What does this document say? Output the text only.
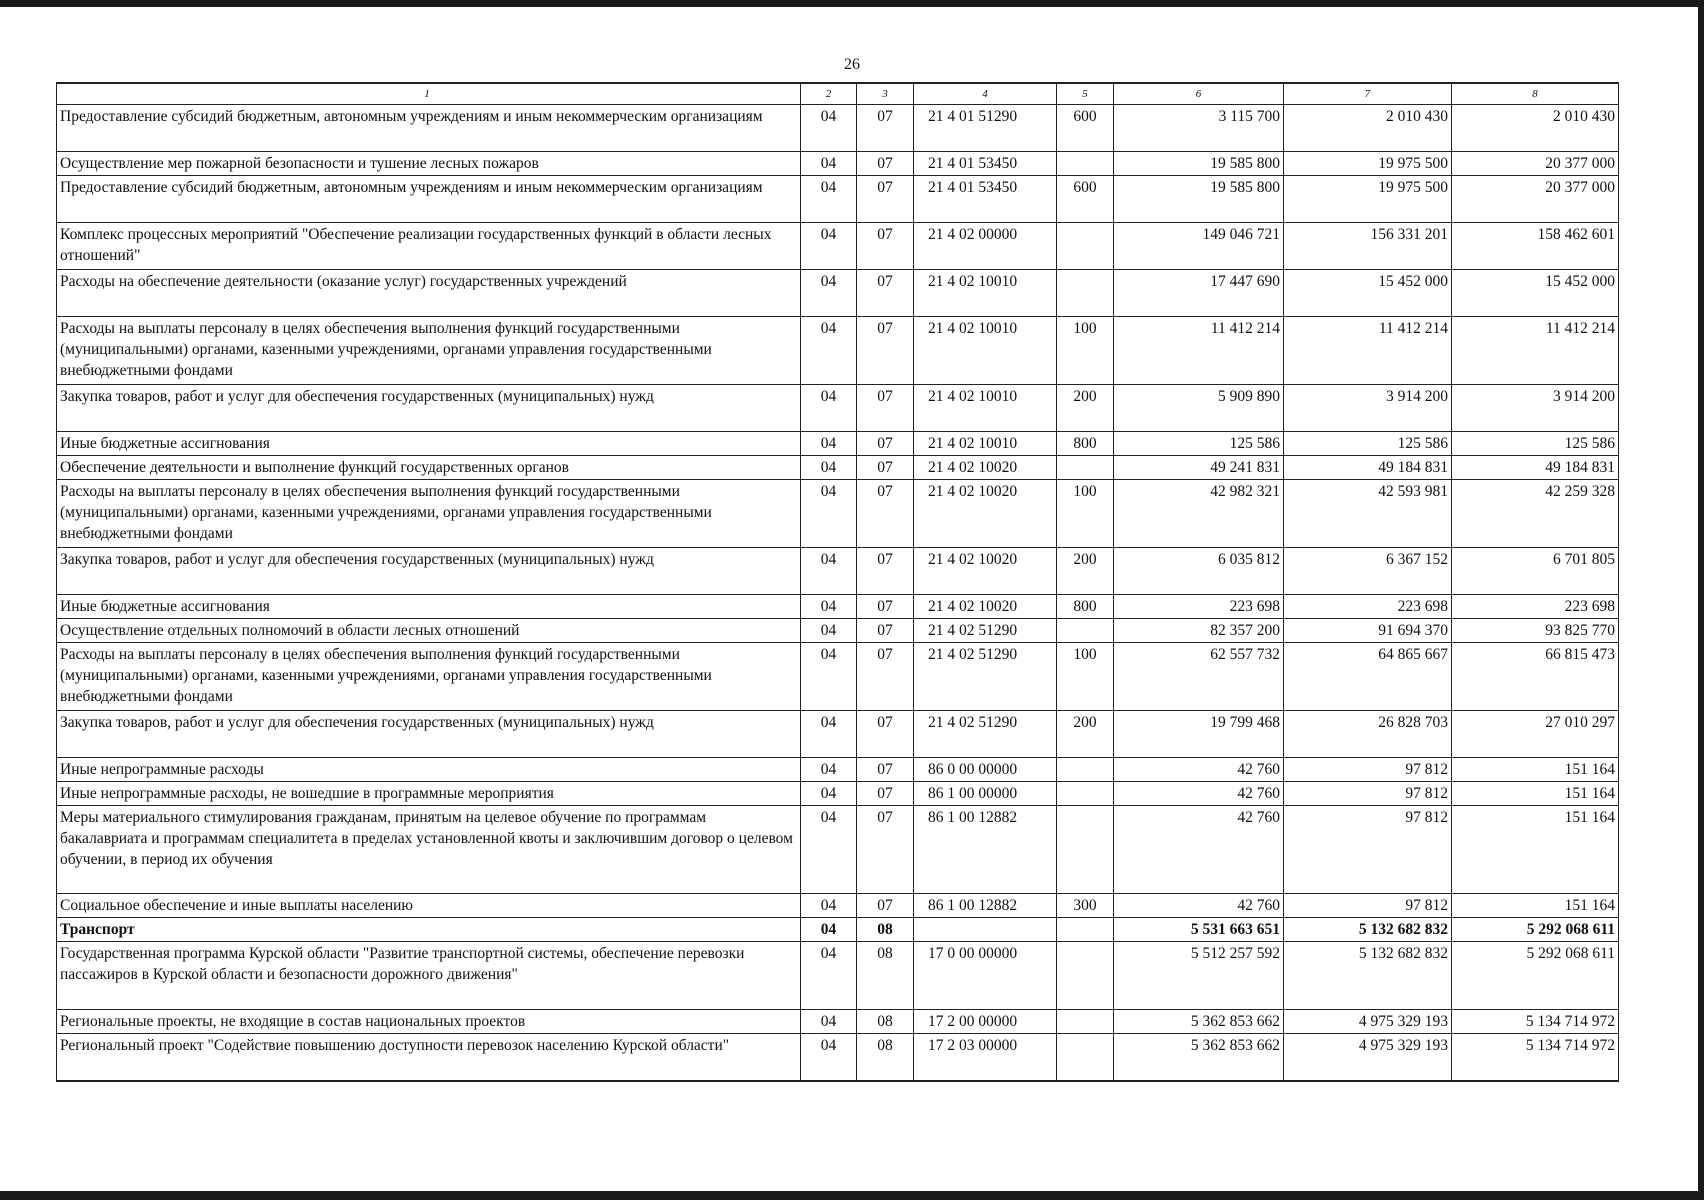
26
1	2	3	4	5	6	7	8
Предоставление субсидий бюджетным, автономным учреждениям и иным некоммерческим организациям	04	07	21 4 01 51290	600	3 115 700	2 010 430	2 010 430
Осуществление мер пожарной безопасности и тушение лесных пожаров	04	07	21 4 01 53450		19 585 800	19 975 500	20 377 000
Предоставление субсидий бюджетным, автономным учреждениям и иным некоммерческим организациям	04	07	21 4 01 53450	600	19 585 800	19 975 500	20 377 000
Комплекс процессных мероприятий "Обеспечение реализации государственных функций в области лесных отношений"	04	07	21 4 02 00000		149 046 721	156 331 201	158 462 601
Расходы на обеспечение деятельности (оказание услуг) государственных учреждений	04	07	21 4 02 10010		17 447 690	15 452 000	15 452 000
Расходы на выплаты персоналу в целях обеспечения выполнения функций государственными (муниципальными) органами, казенными учреждениями, органами управления государственными внебюджетными фондами	04	07	21 4 02 10010	100	11 412 214	11 412 214	11 412 214
Закупка товаров, работ и услуг для обеспечения государственных (муниципальных) нужд	04	07	21 4 02 10010	200	5 909 890	3 914 200	3 914 200
Иные бюджетные ассигнования	04	07	21 4 02 10010	800	125 586	125 586	125 586
Обеспечение деятельности и выполнение функций государственных органов	04	07	21 4 02 10020		49 241 831	49 184 831	49 184 831
Расходы на выплаты персоналу в целях обеспечения выполнения функций государственными (муниципальными) органами, казенными учреждениями, органами управления государственными внебюджетными фондами	04	07	21 4 02 10020	100	42 982 321	42 593 981	42 259 328
Закупка товаров, работ и услуг для обеспечения государственных (муниципальных) нужд	04	07	21 4 02 10020	200	6 035 812	6 367 152	6 701 805
Иные бюджетные ассигнования	04	07	21 4 02 10020	800	223 698	223 698	223 698
Осуществление отдельных полномочий в области лесных отношений	04	07	21 4 02 51290		82 357 200	91 694 370	93 825 770
Расходы на выплаты персоналу в целях обеспечения выполнения функций государственными (муниципальными) органами, казенными учреждениями, органами управления государственными внебюджетными фондами	04	07	21 4 02 51290	100	62 557 732	64 865 667	66 815 473
Закупка товаров, работ и услуг для обеспечения государственных (муниципальных) нужд	04	07	21 4 02 51290	200	19 799 468	26 828 703	27 010 297
Иные непрограммные расходы	04	07	86 0 00 00000		42 760	97 812	151 164
Иные непрограммные расходы, не вошедшие в программные мероприятия	04	07	86 1 00 00000		42 760	97 812	151 164
Меры материального стимулирования гражданам, принятым на целевое обучение по программам бакалавриата и программам специалитета в пределах установленной квоты и заключившим договор о целевом обучении, в период их обучения	04	07	86 1 00 12882		42 760	97 812	151 164
Социальное обеспечение и иные выплаты населению	04	07	86 1 00 12882	300	42 760	97 812	151 164
Транспорт	04	08			5 531 663 651	5 132 682 832	5 292 068 611
Государственная программа Курской области "Развитие транспортной системы, обеспечение перевозки пассажиров в Курской области и безопасности дорожного движения"	04	08	17 0 00 00000		5 512 257 592	5 132 682 832	5 292 068 611
Региональные проекты, не входящие в состав национальных проектов	04	08	17 2 00 00000		5 362 853 662	4 975 329 193	5 134 714 972
Региональный проект "Содействие повышению доступности перевозок населению Курской области"	04	08	17 2 03 00000		5 362 853 662	4 975 329 193	5 134 714 972
